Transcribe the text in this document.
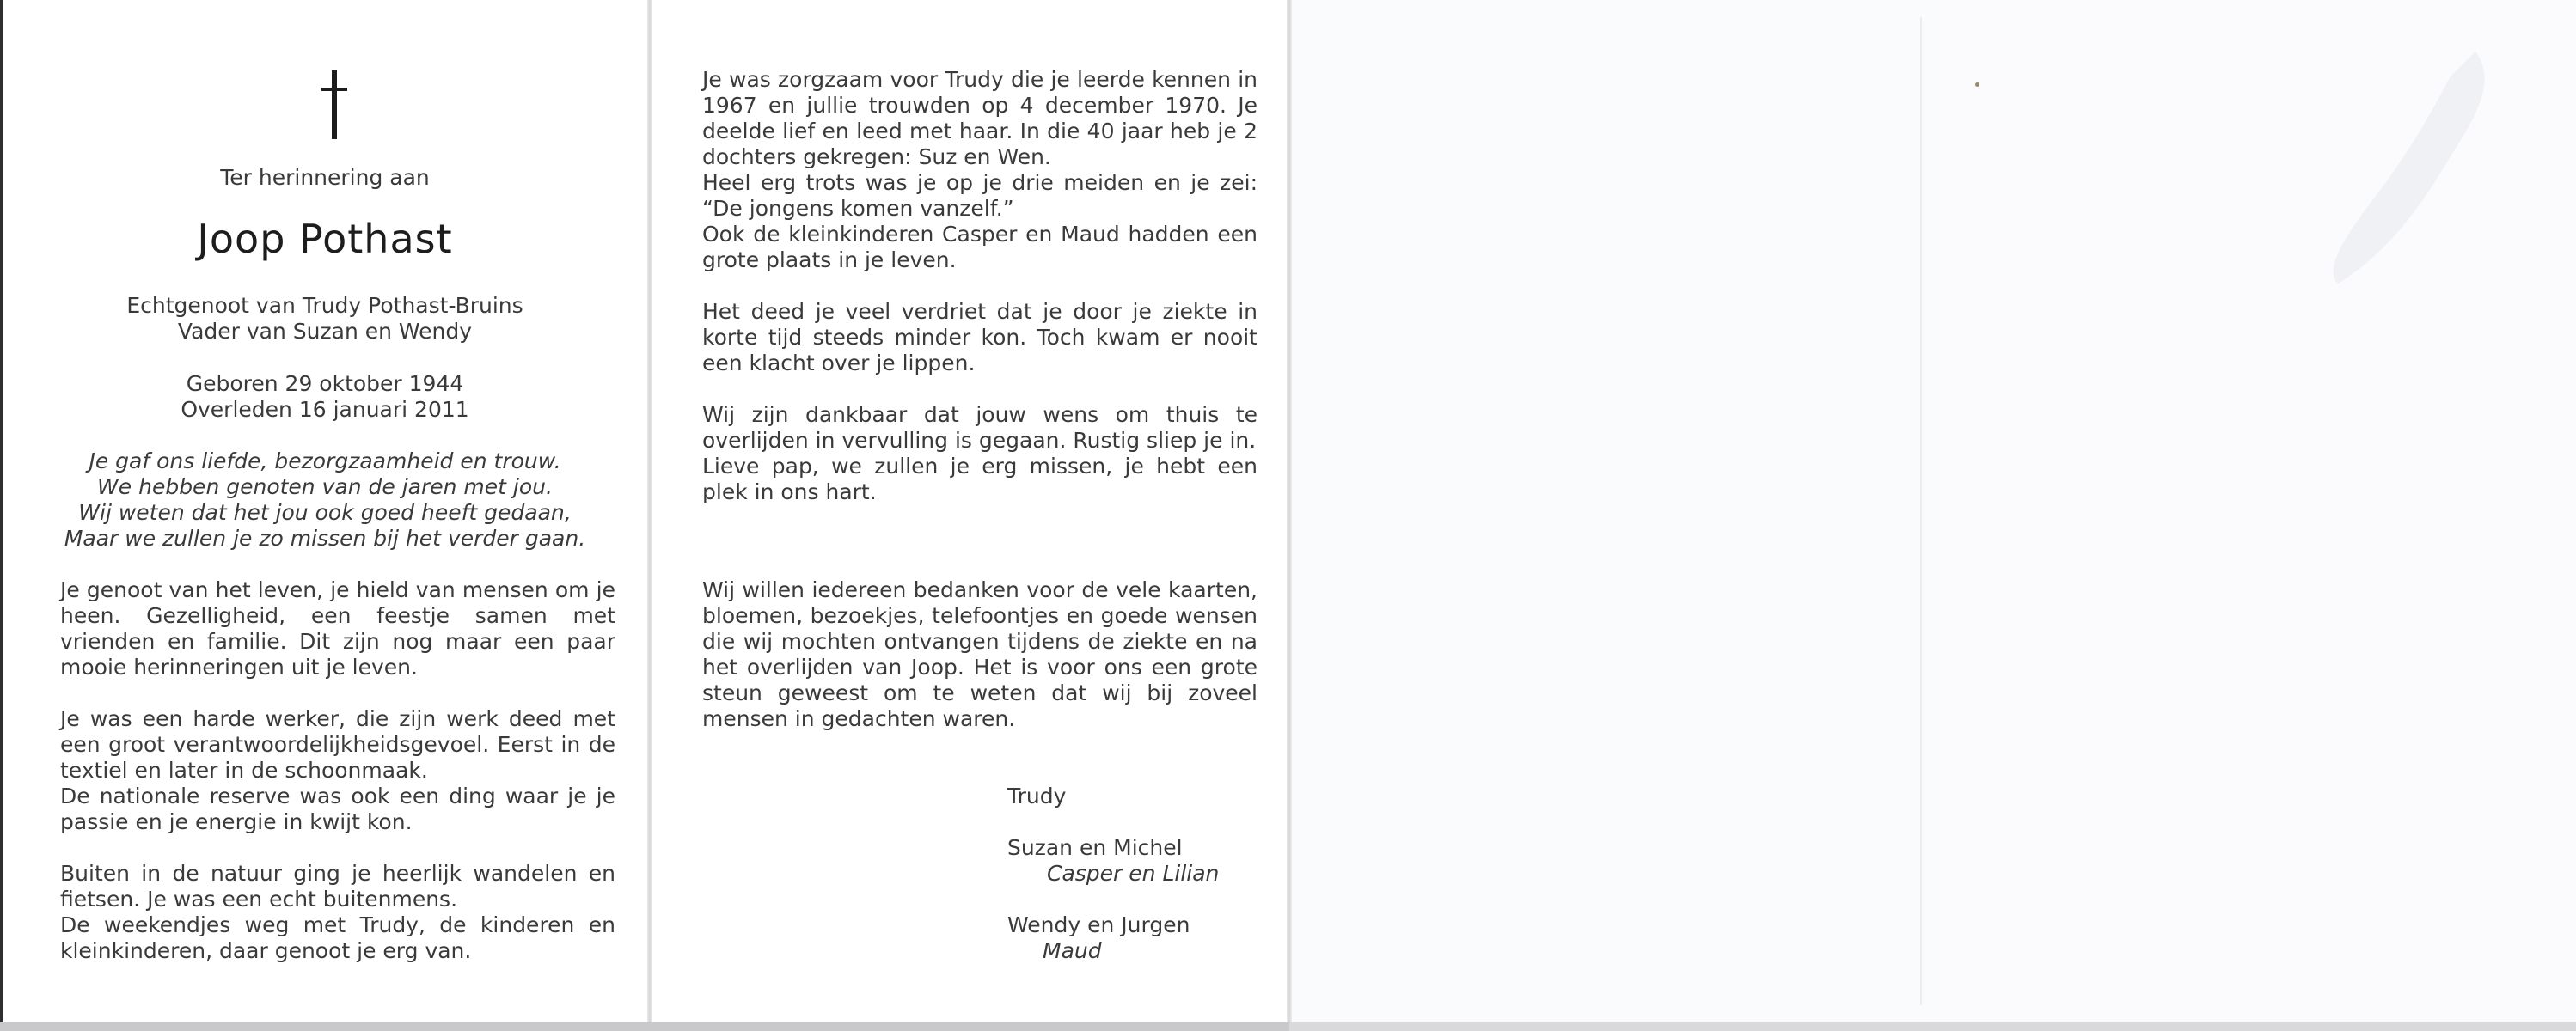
Ter herinnering aan
Joop Pothast
Echtgenoot van Trudy Pothast-Bruins
Vader van Suzan en Wendy
Geboren 29 oktober 1944
Overleden 16 januari 2011
Je gaf ons liefde, bezorgzaamheid en trouw.
We hebben genoten van de jaren met jou.
Wij weten dat het jou ook goed heeft gedaan,
Maar we zullen je zo missen bij het verder gaan.

Je genoot van het leven, je hield van mensen om je heen. Gezelligheid, een feestje samen met vrienden en familie. Dit zijn nog maar een paar mooie herinneringen uit je leven.

Je was een harde werker, die zijn werk deed met een groot verantwoordelijkheidsgevoel. Eerst in de textiel en later in de schoonmaak.
De nationale reserve was ook een ding waar je je passie en je energie in kwijt kon.

Buiten in de natuur ging je heerlijk wandelen en fietsen. Je was een echt buitenmens.
De weekendjes weg met Trudy, de kinderen en kleinkinderen, daar genoot je erg van.

Je was zorgzaam voor Trudy die je leerde kennen in 1967 en jullie trouwden op 4 december 1970. Je deelde lief en leed met haar. In die 40 jaar heb je 2 dochters gekregen: Suz en Wen.
Heel erg trots was je op je drie meiden en je zei: “De jongens komen vanzelf.”
Ook de kleinkinderen Casper en Maud hadden een grote plaats in je leven.

Het deed je veel verdriet dat je door je ziekte in korte tijd steeds minder kon. Toch kwam er nooit een klacht over je lippen.

Wij zijn dankbaar dat jouw wens om thuis te overlijden in vervulling is gegaan. Rustig sliep je in.
Lieve pap, we zullen je erg missen, je hebt een plek in ons hart.

Wij willen iedereen bedanken voor de vele kaarten, bloemen, bezoekjes, telefoontjes en goede wensen die wij mochten ontvangen tijdens de ziekte en na het overlijden van Joop. Het is voor ons een grote steun geweest om te weten dat wij bij zoveel mensen in gedachten waren.

Trudy
Suzan en Michel
Casper en Lilian
Wendy en Jurgen
Maud
